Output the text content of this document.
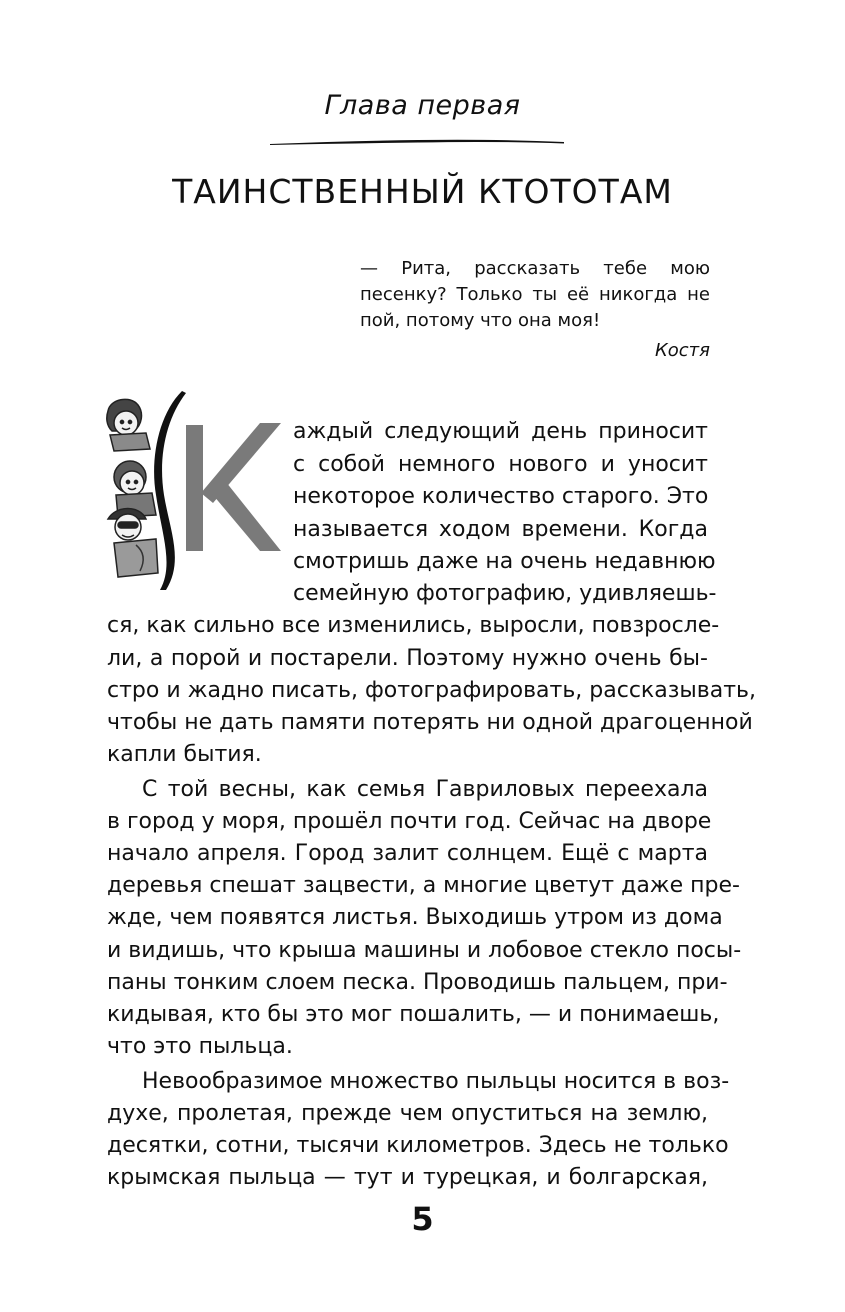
Глава первая
ТАИНСТВЕННЫЙ КТОТОТАМ
— Рита, рассказать тебе мою
песенку? Только ты её никогда не
пой, потому что она моя!
Костя
аждый следующий день приносит
с собой немного нового и уносит
некоторое количество старого. Это
называется ходом времени. Когда
смотришь даже на очень недавнюю
семейную фотографию, удивляешь-
ся, как сильно все изменились, выросли, повзросле-
ли, а порой и постарели. Поэтому нужно очень бы-
стро и жадно писать, фотографировать, рассказывать,
чтобы не дать памяти потерять ни одной драгоценной
капли бытия.
С той весны, как семья Гавриловых переехала
в город у моря, прошёл почти год. Сейчас на дворе
начало апреля. Город залит солнцем. Ещё с марта
деревья спешат зацвести, а многие цветут даже пре-
жде, чем появятся листья. Выходишь утром из дома
и видишь, что крыша машины и лобовое стекло посы-
паны тонким слоем песка. Проводишь пальцем, при-
кидывая, кто бы это мог пошалить, — и понимаешь,
что это пыльца.
Невообразимое множество пыльцы носится в воз-
духе, пролетая, прежде чем опуститься на землю,
десятки, сотни, тысячи километров. Здесь не только
крымская пыльца — тут и турецкая, и болгарская,
5
